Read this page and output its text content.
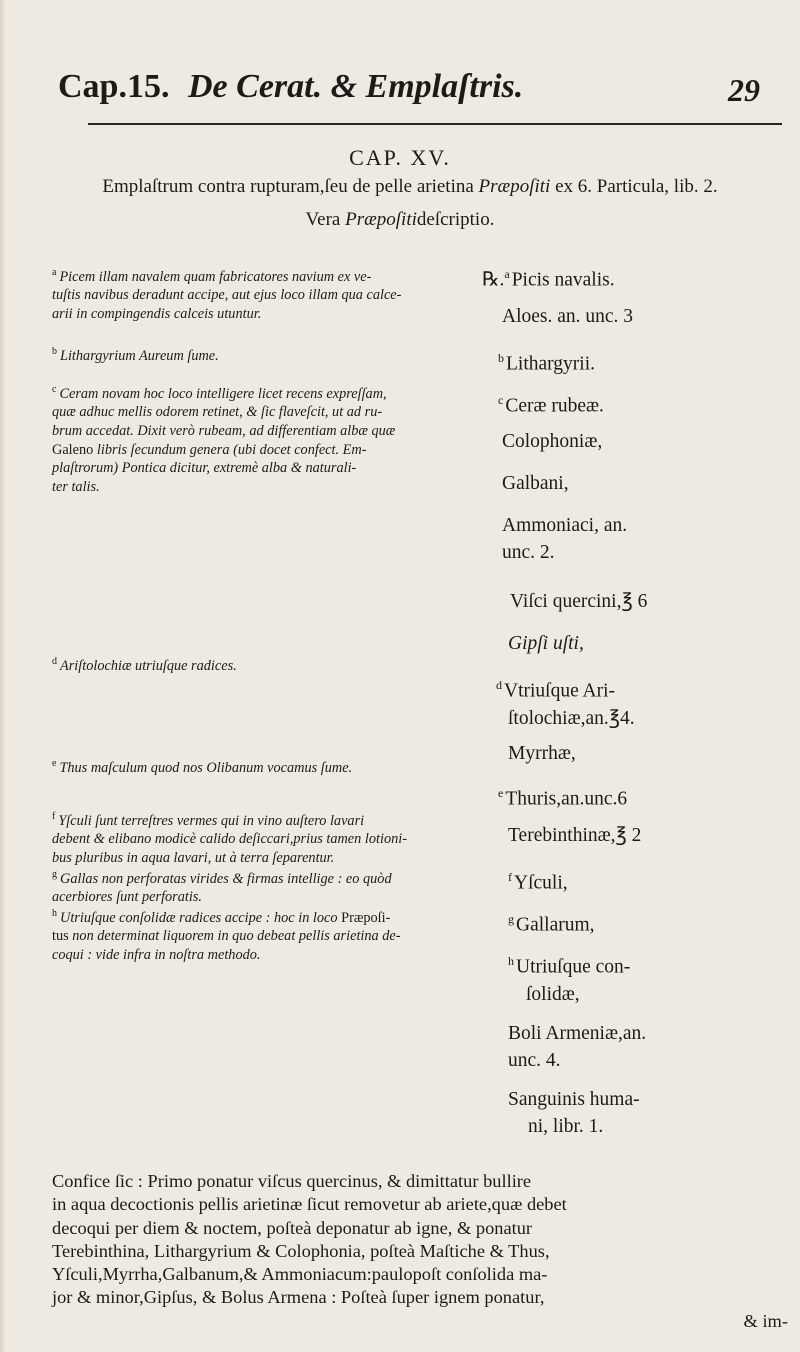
Cap.15. De Cerat. & Emplaſtris.	29
CAP. XV.
Emplaſtrum contra rupturam,ſeu de pelle arietina Præpoſiti ex 6. Particula, lib. 2.
Vera Præpoſitideſcriptio.
$^a$ Picem illam navalem quam fabricatores navium ex ve-
tuſtis navibus deradunt accipe, aut ejus loco illam qua calce-
arii in compingendis calceis utuntur.
$^b$ Lithargyrium Aureum ſume.
$^c$ Ceram novam hoc loco intelligere licet recens expreſſam,
quæ adhuc mellis odorem retinet, & ſic flaveſcit, ut ad ru-
brum accedat. Dixit verò rubeam, ad differentiam albæ quæ
Galeno libris ſecundum genera (ubi docet confect. Em-
plaſtrorum) Pontica dicitur, extremè alba & naturali-
ter talis.
$^d$ Ariſtolochiæ utriuſque radices.
$^e$ Thus maſculum quod nos Olibanum vocamus ſume.
$^f$ Yſculi ſunt terreſtres vermes qui in vino auſtero lavari
debent & elibano modicè calido deſiccari,prius tamen lotioni-
bus pluribus in aqua lavari, ut à terra ſeparentur.
$^g$ Gallas non perforatas virides & firmas intellige : eo quòd
acerbiores ſunt perforatis.
$^h$ Utriuſque conſolidæ radices accipe : hoc in loco Præpoſi-
tus non determinat liquorem in quo debeat pellis arietina de-
coqui : vide infra in noſtra methodo.
℞.$^a$ Picis navalis.
Aloes. an. unc. 3
$^b$ Lithargyrii.
$^c$ Ceræ rubeæ.
Colophoniæ,
Galbani,
Ammoniaci, an.
unc. 2.
Viſci quercini,℥ 6
Gipſi uſti,
$^d$ Vtriuſque Ari-
ſtolochiæ,an.℥4.
Myrrhæ,
$^e$ Thuris,an.unc.6
Terebinthinæ,℥ 2
$^f$ Yſculi,
$^g$ Gallarum,
$^h$ Utriuſque con-
ſolidæ,
Boli Armeniæ,an.
unc. 4.
Sanguinis huma-
ni, libr. 1.
Confice ſic : Primo ponatur viſcus quercinus, & dimittatur bullire
in aqua decoctionis pellis arietinæ ſicut removetur ab ariete,quæ debet
decoqui per diem & noctem, poſteà deponatur ab igne, & ponatur
Terebinthina, Lithargyrium & Colophonia, poſteà Maſtiche & Thus,
Yſculi,Myrrha,Galbanum,& Ammoniacum:paulopoſt conſolida ma-
jor & minor,Gipſus, & Bolus Armena : Poſteà ſuper ignem ponatur,
& im-
